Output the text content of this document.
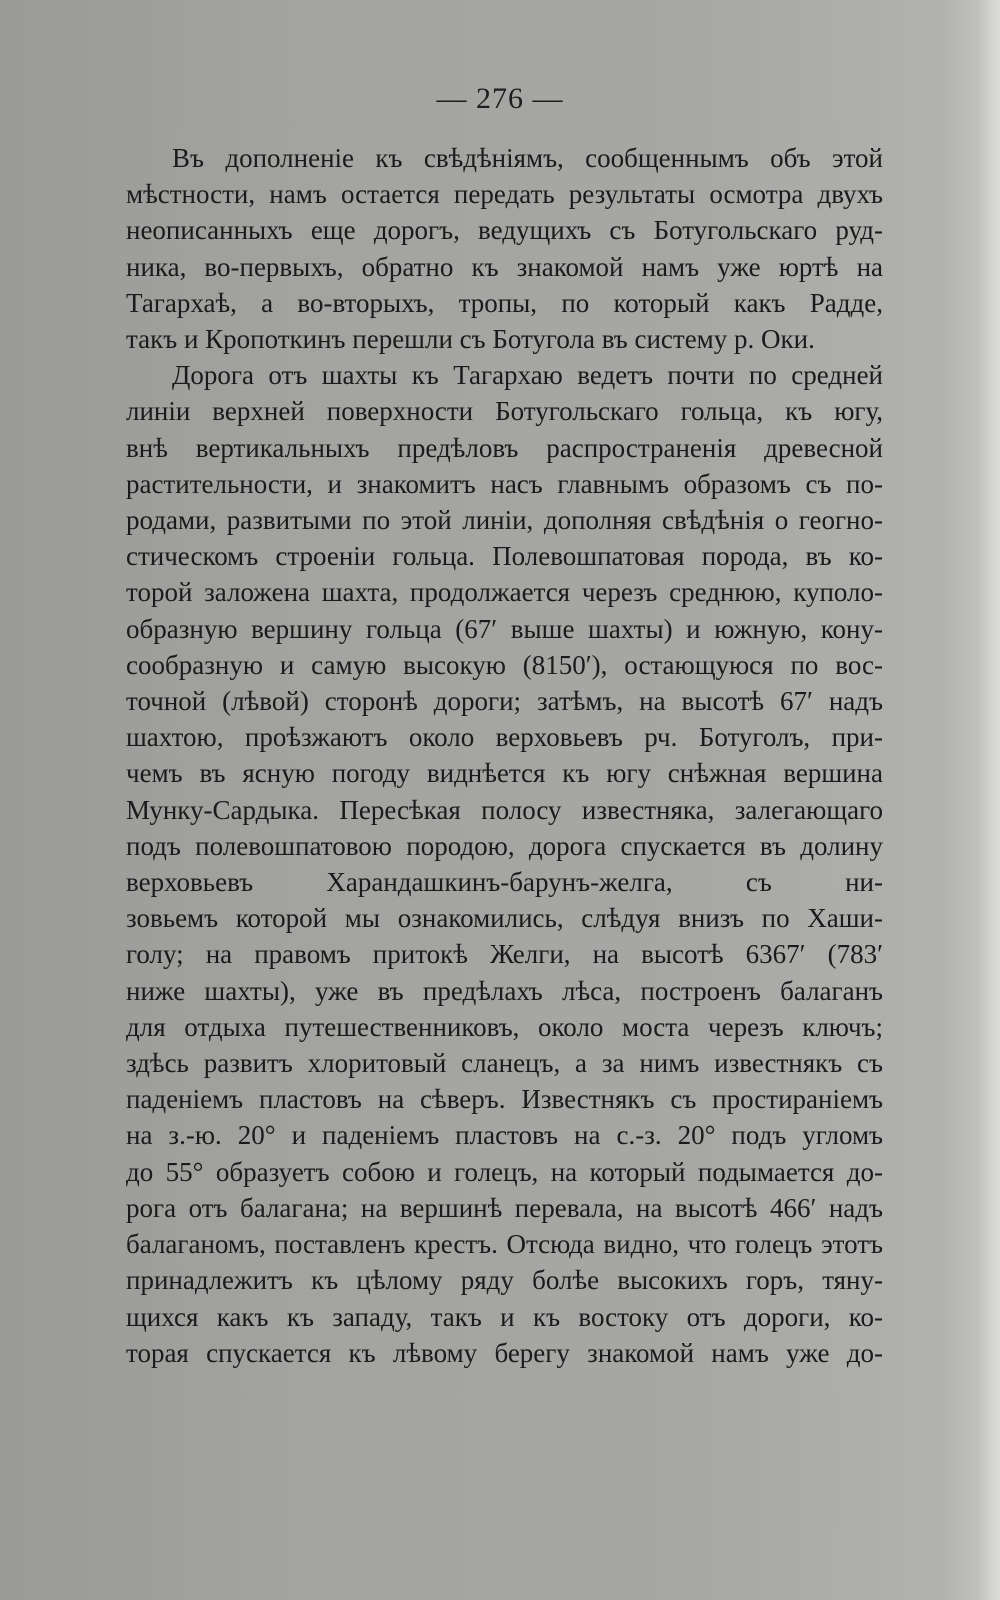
— 276 —
Въ дополненіе къ свѣдѣніямъ, сообщеннымъ объ этой
мѣстности, намъ остается передать результаты осмотра двухъ
неописанныхъ еще дорогъ, ведущихъ съ Ботугольскаго руд-
ника, во-первыхъ, обратно къ знакомой намъ уже юртѣ на
Тагархаѣ, а во-вторыхъ, тропы, по который какъ Радде,
такъ и Кропоткинъ перешли съ Ботугола въ систему р. Оки.
Дорога отъ шахты къ Тагархаю ведетъ почти по средней
линіи верхней поверхности Ботугольскаго гольца, къ югу,
внѣ вертикальныхъ предѣловъ распространенія древесной
растительности, и знакомитъ насъ главнымъ образомъ съ по-
родами, развитыми по этой линіи, дополняя свѣдѣнія о геогно-
стическомъ строеніи гольца. Полевошпатовая порода, въ ко-
торой заложена шахта, продолжается черезъ среднюю, куполо-
образную вершину гольца (67′ выше шахты) и южную, кону-
сообразную и самую высокую (8150′), остающуюся по вос-
точной (лѣвой) сторонѣ дороги; затѣмъ, на высотѣ 67′ надъ
шахтою, проѣзжаютъ около верховьевъ рч. Ботуголъ, при-
чемъ въ ясную погоду виднѣется къ югу снѣжная вершина
Мунку-Сардыка. Пересѣкая полосу известняка, залегающаго
подъ полевошпатовою породою, дорога спускается въ долину
верховьевъ Харандашкинъ-барунъ-желга, съ ни-
зовьемъ которой мы ознакомились, слѣдуя внизъ по Хаши-
голу; на правомъ притокѣ Желги, на высотѣ 6367′ (783′
ниже шахты), уже въ предѣлахъ лѣса, построенъ балаганъ
для отдыха путешественниковъ, около моста черезъ ключъ;
здѣсь развитъ хлоритовый сланецъ, а за нимъ известнякъ съ
паденіемъ пластовъ на сѣверъ. Известнякъ съ простираніемъ
на з.-ю. 20° и паденіемъ пластовъ на с.-з. 20° подъ угломъ
до 55° образуетъ собою и голецъ, на который подымается до-
рога отъ балагана; на вершинѣ перевала, на высотѣ 466′ надъ
балаганомъ, поставленъ крестъ. Отсюда видно, что голецъ этотъ
принадлежитъ къ цѣлому ряду болѣе высокихъ горъ, тяну-
щихся какъ къ западу, такъ и къ востоку отъ дороги, ко-
торая спускается къ лѣвому берегу знакомой намъ уже до-
